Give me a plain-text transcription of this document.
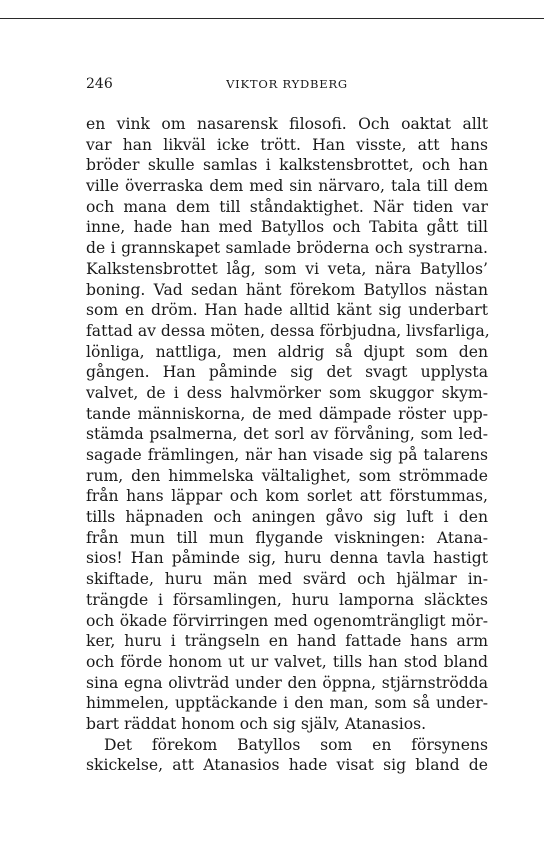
246	VIKTOR RYDBERG
en vink om nasarensk filosofi. Och oaktat allt
var han likväl icke trött. Han visste, att hans
bröder skulle samlas i kalkstensbrottet, och han
ville överraska dem med sin närvaro, tala till dem
och mana dem till ståndaktighet. När tiden var
inne, hade han med Batyllos och Tabita gått till
de i grannskapet samlade bröderna och systrarna.
Kalkstensbrottet låg, som vi veta, nära Batyllos’
boning. Vad sedan hänt förekom Batyllos nästan
som en dröm. Han hade alltid känt sig underbart
fattad av dessa möten, dessa förbjudna, livsfarliga,
lönliga, nattliga, men aldrig så djupt som den
gången. Han påminde sig det svagt upplysta
valvet, de i dess halvmörker som skuggor skym-
tande människorna, de med dämpade röster upp-
stämda psalmerna, det sorl av förvåning, som led-
sagade främlingen, när han visade sig på talarens
rum, den himmelska vältalighet, som strömmade
från hans läppar och kom sorlet att förstummas,
tills häpnaden och aningen gåvo sig luft i den
från mun till mun flygande viskningen: Atana-
sios! Han påminde sig, huru denna tavla hastigt
skiftade, huru män med svärd och hjälmar in-
trängde i församlingen, huru lamporna släcktes
och ökade förvirringen med ogenomträngligt mör-
ker, huru i trängseln en hand fattade hans arm
och förde honom ut ur valvet, tills han stod bland
sina egna olivträd under den öppna, stjärnströdda
himmelen, upptäckande i den man, som så under-
bart räddat honom och sig själv, Atanasios.
Det förekom Batyllos som en försynens
skickelse, att Atanasios hade visat sig bland de
